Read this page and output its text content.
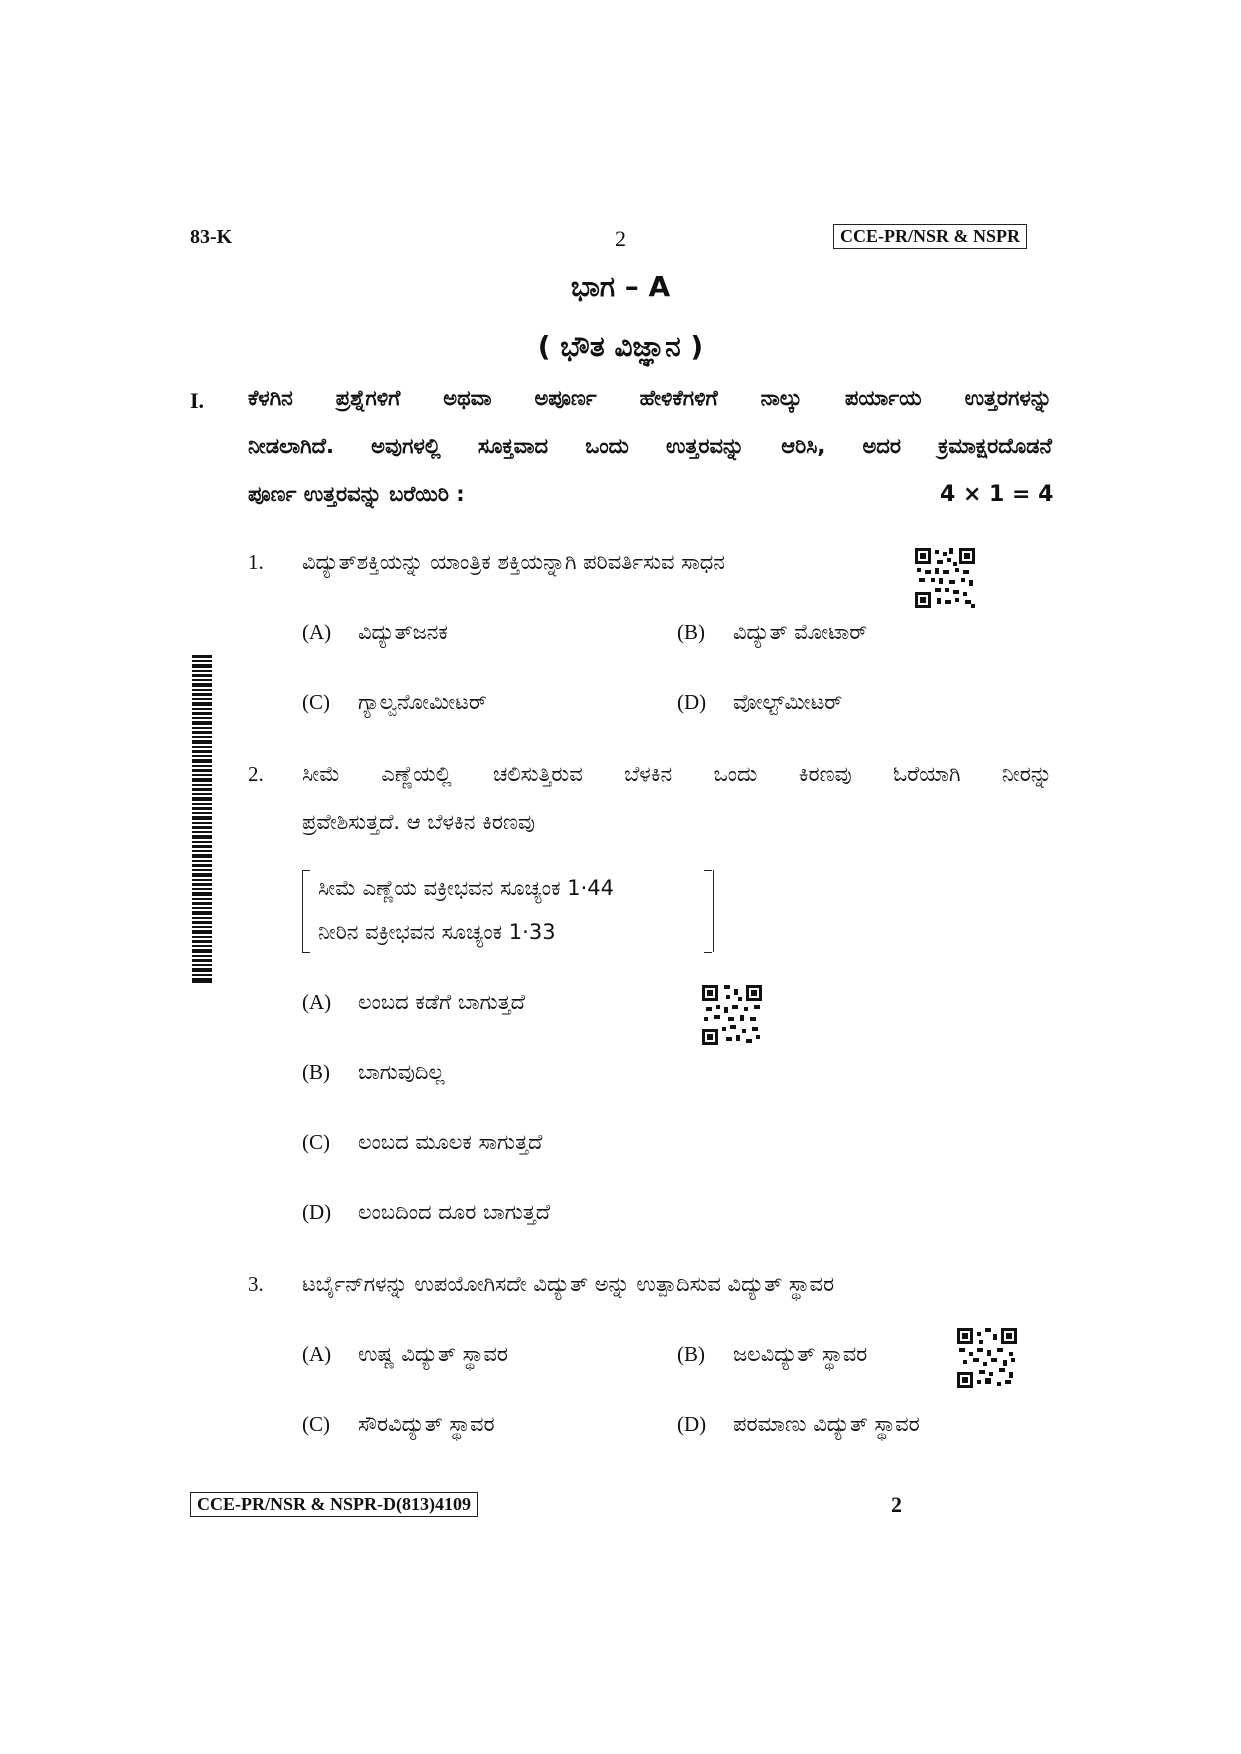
83-K	2	CCE-PR/NSR & NSPR
ಭಾಗ – A
( ಭೌತ ವಿಜ್ಞಾನ )
I. ಕೆಳಗಿನ ಪ್ರಶ್ನೆಗಳಿಗೆ ಅಥವಾ ಅಪೂರ್ಣ ಹೇಳಿಕೆಗಳಿಗೆ ನಾಲ್ಕು ಪರ್ಯಾಯ ಉತ್ತರಗಳನ್ನು
ನೀಡಲಾಗಿದೆ. ಅವುಗಳಲ್ಲಿ ಸೂಕ್ತವಾದ ಒಂದು ಉತ್ತರವನ್ನು ಆರಿಸಿ, ಅದರ ಕ್ರಮಾಕ್ಷರದೊಡನೆ
ಪೂರ್ಣ ಉತ್ತರವನ್ನು ಬರೆಯಿರಿ :	4 × 1 = 4
1. ವಿದ್ಯುತ್‌ಶಕ್ತಿಯನ್ನು ಯಾಂತ್ರಿಕ ಶಕ್ತಿಯನ್ನಾಗಿ ಪರಿವರ್ತಿಸುವ ಸಾಧನ
(A) ವಿದ್ಯುತ್‌ಜನಕ	(B) ವಿದ್ಯುತ್ ಮೋಟಾರ್
(C) ಗ್ಯಾಲ್ವನೋಮೀಟರ್	(D) ವೋಲ್ಟ್‌ಮೀಟರ್
2. ಸೀಮೆ ಎಣ್ಣೆಯಲ್ಲಿ ಚಲಿಸುತ್ತಿರುವ ಬೆಳಕಿನ ಒಂದು ಕಿರಣವು ಓರೆಯಾಗಿ ನೀರನ್ನು
ಪ್ರವೇಶಿಸುತ್ತದೆ. ಆ ಬೆಳಕಿನ ಕಿರಣವು
ಸೀಮೆ ಎಣ್ಣೆಯ ವಕ್ರೀಭವನ ಸೂಚ್ಯಂಕ 1·44
ನೀರಿನ ವಕ್ರೀಭವನ ಸೂಚ್ಯಂಕ 1·33
(A) ಲಂಬದ ಕಡೆಗೆ ಬಾಗುತ್ತದೆ
(B) ಬಾಗುವುದಿಲ್ಲ
(C) ಲಂಬದ ಮೂಲಕ ಸಾಗುತ್ತದೆ
(D) ಲಂಬದಿಂದ ದೂರ ಬಾಗುತ್ತದೆ
3. ಟರ್ಬೈನ್‌ಗಳನ್ನು ಉಪಯೋಗಿಸದೇ ವಿದ್ಯುತ್ ಅನ್ನು ಉತ್ಪಾದಿಸುವ ವಿದ್ಯುತ್ ಸ್ಥಾವರ
(A) ಉಷ್ಣ ವಿದ್ಯುತ್ ಸ್ಥಾವರ	(B) ಜಲವಿದ್ಯುತ್ ಸ್ಥಾವರ
(C) ಸೌರವಿದ್ಯುತ್ ಸ್ಥಾವರ	(D) ಪರಮಾಣು ವಿದ್ಯುತ್ ಸ್ಥಾವರ
CCE-PR/NSR & NSPR-D(813)4109	2
